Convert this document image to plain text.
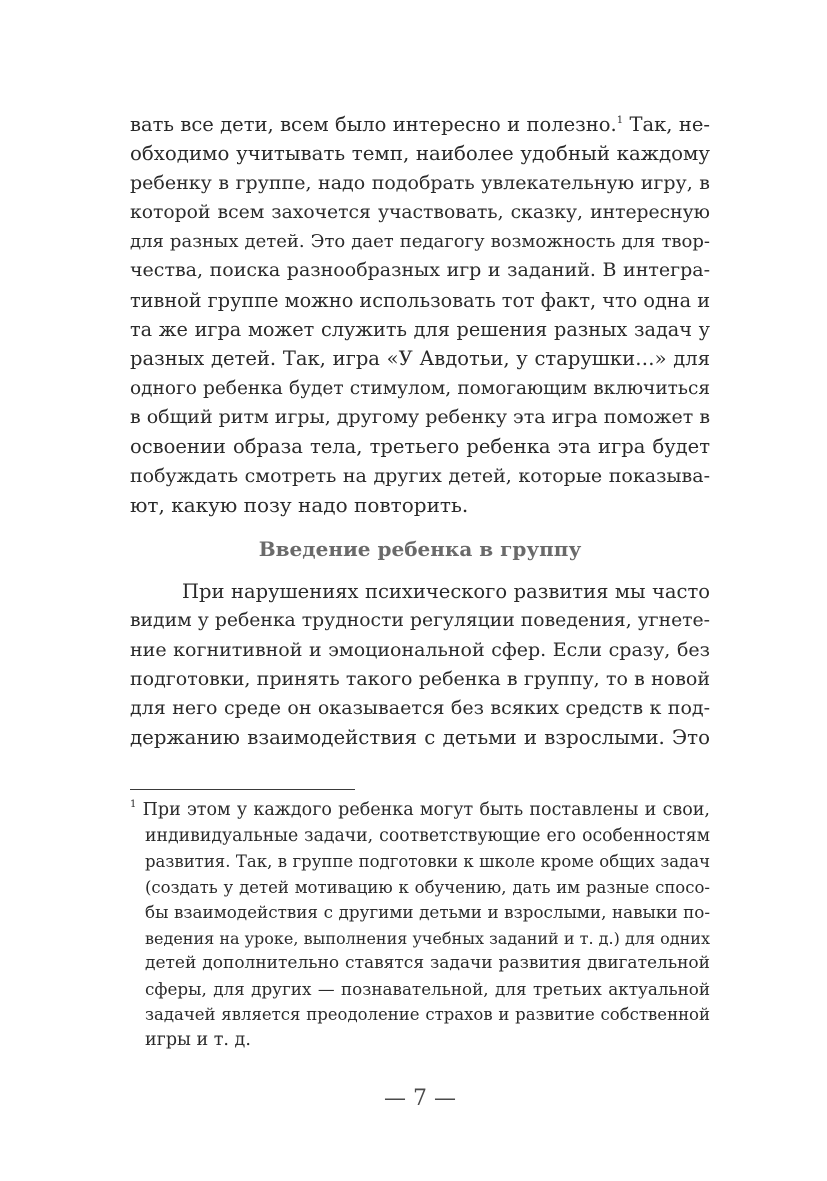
вать все дети, всем было интересно и полезно.$^1$ Так, не-
обходимо учитывать темп, наиболее удобный каждому
ребенку в группе, надо подобрать увлекательную игру, в
которой всем захочется участвовать, сказку, интересную
для разных детей. Это дает педагогу возможность для твор-
чества, поиска разнообразных игр и заданий. В интегра-
тивной группе можно использовать тот факт, что одна и
та же игра может служить для решения разных задач у
разных детей. Так, игра «У Авдотьи, у старушки…» для
одного ребенка будет стимулом, помогающим включиться
в общий ритм игры, другому ребенку эта игра поможет в
освоении образа тела, третьего ребенка эта игра будет
побуждать смотреть на других детей, которые показыва-
ют, какую позу надо повторить.
Введение ребенка в группу
При нарушениях психического развития мы часто
видим у ребенка трудности регуляции поведения, угнете-
ние когнитивной и эмоциональной сфер. Если сразу, без
подготовки, принять такого ребенка в группу, то в новой
для него среде он оказывается без всяких средств к под-
держанию взаимодействия с детьми и взрослыми. Это
$^1$ При этом у каждого ребенка могут быть поставлены и свои,
индивидуальные задачи, соответствующие его особенностям
развития. Так, в группе подготовки к школе кроме общих задач
(создать у детей мотивацию к обучению, дать им разные спосо-
бы взаимодействия с другими детьми и взрослыми, навыки по-
ведения на уроке, выполнения учебных заданий и т. д.) для одних
детей дополнительно ставятся задачи развития двигательной
сферы, для других — познавательной, для третьих актуальной
задачей является преодоление страхов и развитие собственной
игры и т. д.
— 7 —
